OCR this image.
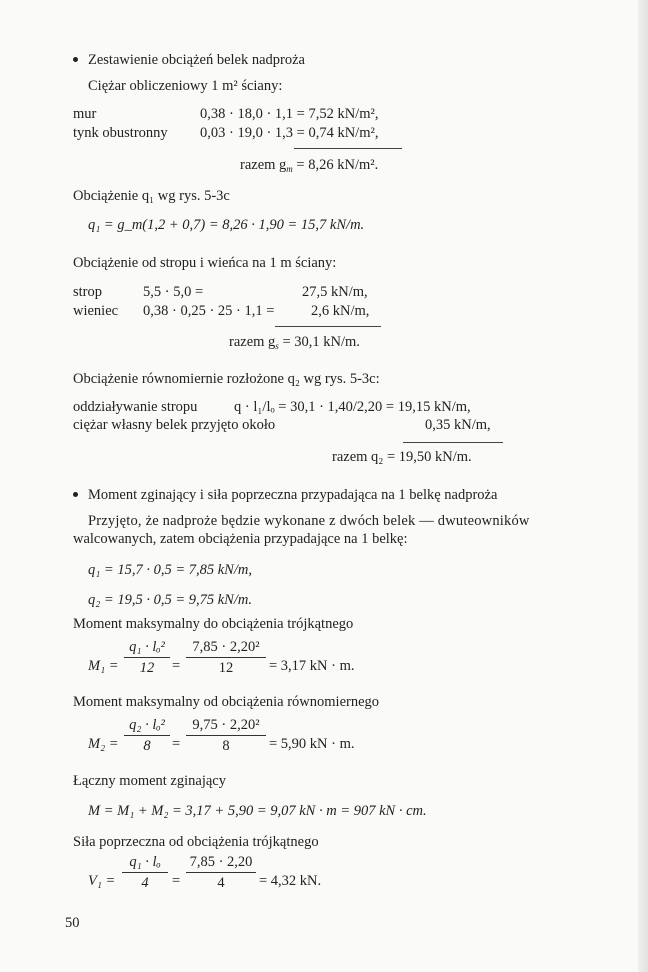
Zestawienie obciążeń belek nadproża
Ciężar obliczeniowy 1 m² ściany:
mur	0,38 · 18,0 · 1,1 = 7,52 kN/m²,
tynk obustronny 0,03 · 19,0 · 1,3 = 0,74 kN/m²,
razem $g_m = 8,26$ kN/m².
Obciążenie q₁ wg rys. 5-3c
q₁ = g_m(1,2 + 0,7) = 8,26 · 1,90 = 15,7 kN/m.
Obciążenie od stropu i wieńca na 1 m ściany:
strop	5,5 · 5,0 =	27,5 kN/m,
wieniec 0,38 · 0,25 · 25 · 1,1 =	2,6 kN/m,
razem $g_s = 30,1$ kN/m.
Obciążenie równomiernie rozłożone q₂ wg rys. 5-3c:
oddziaływanie stropu	q · l₁/lₒ = 30,1 · 1,40/2,20 = 19,15 kN/m,
ciężar własny belek przyjęto około	0,35 kN/m,
razem q₂ = 19,50 kN/m.
Moment zginający i siła poprzeczna przypadająca na 1 belkę nadproża
Przyjęto, że nadproże będzie wykonane z dwóch belek — dwuteowników
walcowanych, zatem obciążenia przypadające na 1 belkę:
q₁ = 15,7 · 0,5 = 7,85 kN/m,
q₂ = 19,5 · 0,5 = 9,75 kN/m.
Moment maksymalny do obciążenia trójkątnego
M₁ =
q₁ · lₒ²
12	=
7,85 · 2,20²
12	= 3,17 kN · m.
Moment maksymalny od obciążenia równomiernego
M₂ =
q₂ · lₒ²
8	=
9,75 · 2,20²
8	= 5,90 kN · m.
Łączny moment zginający
M = M₁ + M₂ = 3,17 + 5,90 = 9,07 kN · m = 907 kN · cm.
Siła poprzeczna od obciążenia trójkątnego
V₁ =
q₁ · lₒ
4	=
7,85 · 2,20
4	= 4,32 kN.
50
